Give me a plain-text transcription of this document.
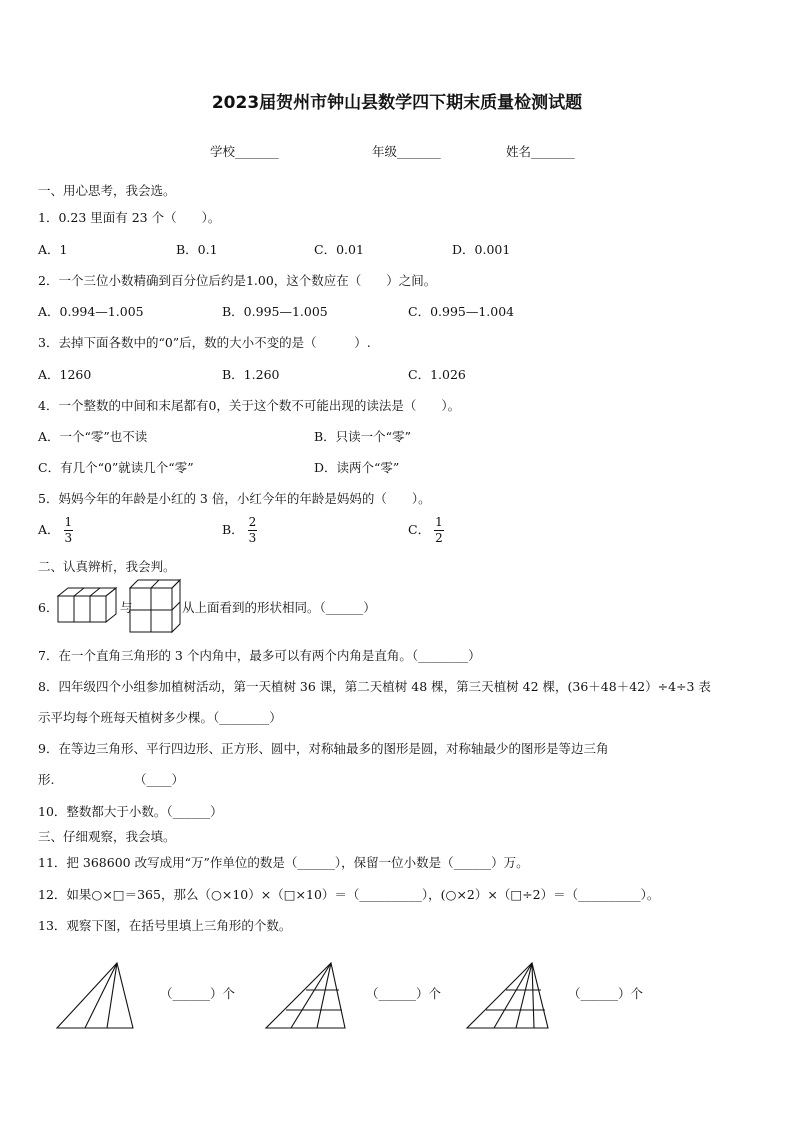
2023届贺州市钟山县数学四下期末质量检测试题
学校_______	年级_______	姓名_______
一、用心思考，我会选。
1．0.23 里面有 23 个（　　）。
A．1	B．0.1	C．0.01	D．0.001
2．一个三位小数精确到百分位后约是1.00，这个数应在（　　）之间。
A．0.994—1.005	B．0.995—1.005	C．0.995—1.004
3．去掉下面各数中的“0”后，数的大小不变的是（　　　）.
A．1260	B．1.260	C．1.026
4．一个整数的中间和末尾都有0，关于这个数不可能出现的读法是（　　）。
A．一个“零”也不读	B．只读一个“零”
C．有几个“0”就读几个“零”	D．读两个“零”
5．妈妈今年的年龄是小红的 3 倍，小红今年的年龄是妈妈的（　　）。
A． $\frac{1}{3}$	B． $\frac{2}{3}$	C． $\frac{1}{2}$
二、认真辨析，我会判。
6．	与	从上面看到的形状相同。（______）
7．在一个直角三角形的 3 个内角中，最多可以有两个内角是直角。（________）
8．四年级四个小组参加植树活动，第一天植树 36 课，第二天植树 48 棵，第三天植树 42 棵，(36＋48＋42）÷4÷3 表
示平均每个班每天植树多少棵。（________）
9．在等边三角形、平行四边形、正方形、圆中，对称轴最多的图形是圆，对称轴最少的图形是等边三角
形.	（____）
10．整数都大于小数。（______）
三、仔细观察，我会填。
11．把 368600 改写成用“万”作单位的数是（______），保留一位小数是（______）万。
12．如果○×□＝365，那么（○×10）×（□×10）＝（__________），(○×2）×（□÷2）＝（__________）。
13．观察下图，在括号里填上三角形的个数。
（______）个	（______）个	（______）个
